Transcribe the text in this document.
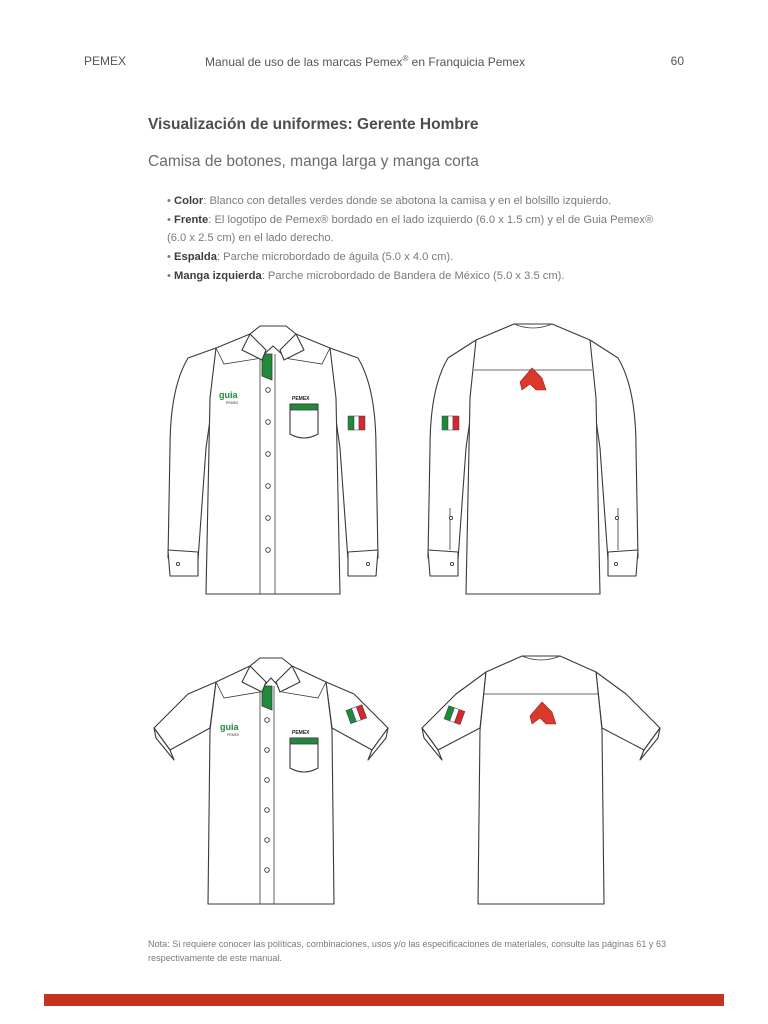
PEMEX	Manual de uso de las marcas Pemex® en Franquicia Pemex	60
Visualización de uniformes: Gerente Hombre
Camisa de botones, manga larga y manga corta

• Color: Blanco con detalles verdes donde se abotona la camisa y en el bolsillo izquierdo.

• Frente: El logotipo de Pemex® bordado en el lado izquierdo (6.0 x 1.5 cm) y el de Guia Pemex® (6.0 x 2.5 cm) en el lado derecho.

• Espalda: Parche microbordado de águila (5.0 x 4.0 cm).

• Manga izquierda: Parche microbordado de Bandera de México (5.0 x 3.5 cm).

guia
PEMEX
PEMEX
guia
PEMEX	PEMEX
Nota: Si requiere conocer las políticas, combinaciones, usos y/o las especificaciones de materiales, consulte las páginas 61 y 63 respectivamente de este manual.
